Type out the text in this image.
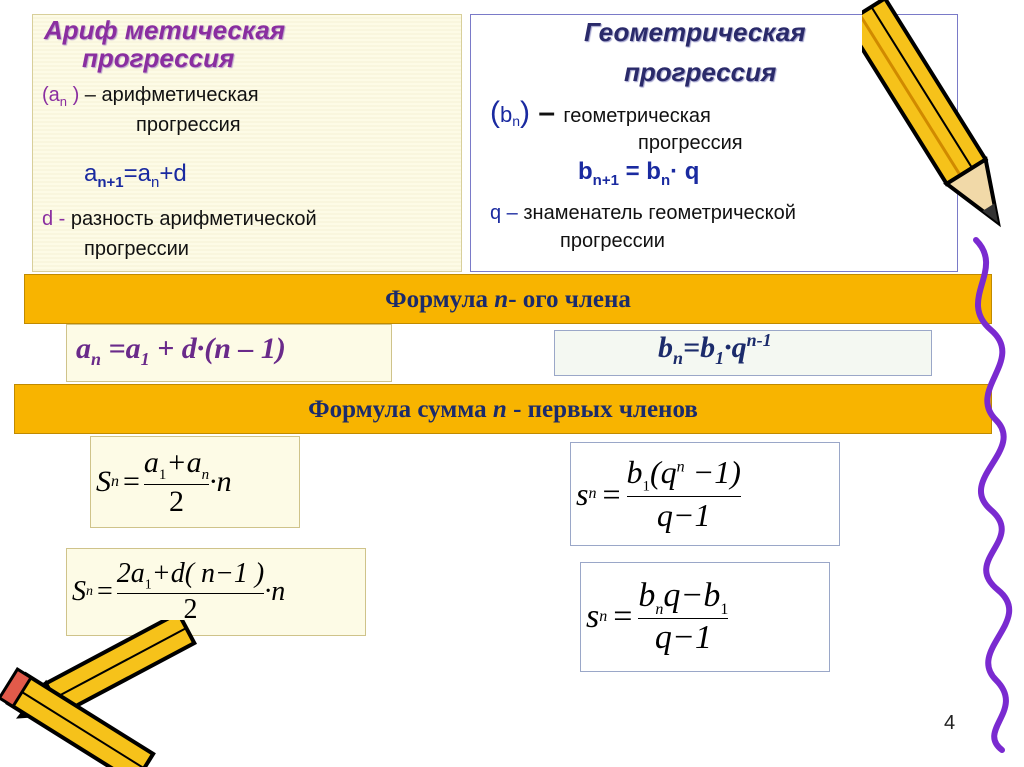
Ариф метическая
прогрессия
($a_n$ ) – арифметическая
прогрессия
$a_{n+1}=a_n+d$
d - разность арифметической
прогрессии
Геометрическая
прогрессия
$(b_n)$ – геометрическая
прогрессия
$b_{n+1} = b_n\cdot q$
q – знаменатель геометрической
прогрессии
Формула n- ого члена
$a_n =a_1 + d\cdot(n - 1)$	$b_n=b_1\cdot q^{n-1}$
Формула сумма n - первых членов
S $n = \frac{a_1+a_n}{2} \cdot n$
S $n = \frac{2a_1+d( n-1 )}{2} \cdot n$
s $n = \frac{b_1(q^n -1)}{q-1}$
s $n = \frac{b_nq-b_1}{q-1}$
4
